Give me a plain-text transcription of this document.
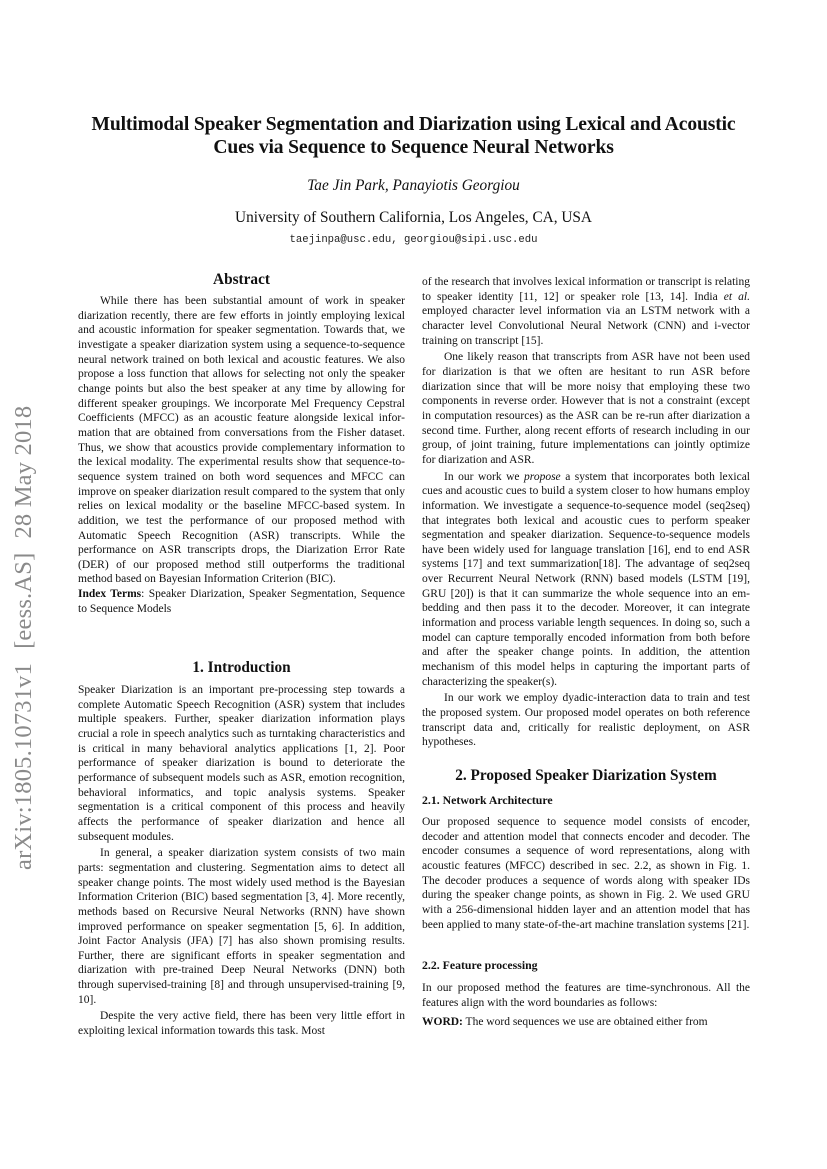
arXiv:1805.10731v1[eess.AS]28 May 2018
Multimodal Speaker Segmentation and Diarization using Lexical and Acoustic
Cues via Sequence to Sequence Neural Networks
Tae Jin Park, Panayiotis Georgiou
University of Southern California, Los Angeles, CA, USA
taejinpa@usc.edu, georgiou@sipi.usc.edu
Abstract

While there has been substantial amount of work in speaker diarization recently, there are few efforts in jointly employing lexical and acoustic information for speaker segmentation. Towards that, we investigate a speaker diarization system using a sequence-to-sequence neural network trained on both lexical and acoustic features. We also propose a loss function that allows for selecting not only the speaker change points but also the best speaker at any time by allowing for different speaker groupings. We incorporate Mel Frequency Cepstral Coefficients (MFCC) as an acoustic feature alongside lexical information that are obtained from conversations from the Fisher dataset. Thus, we show that acoustics provide complementary information to the lexical modality. The experimental results show that sequence-to-sequence system trained on both word sequences and MFCC can improve on speaker diarization result compared to the system that only relies on lexical modality or the baseline MFCC-based system. In addition, we test the performance of our proposed method with Automatic Speech Recognition (ASR) transcripts. While the performance on ASR transcripts drops, the Diarization Error Rate (DER) of our proposed method still outperforms the traditional method based on Bayesian Information Criterion (BIC).

Index Terms: Speaker Diarization, Speaker Segmentation, Sequence to Sequence Models

1. Introduction

Speaker Diarization is an important pre-processing step towards a complete Automatic Speech Recognition (ASR) system that includes multiple speakers. Further, speaker diarization information plays crucial a role in speech analytics such as turntaking characteristics and is critical in many behavioral analytics applications [1, 2]. Poor performance of speaker diarization is bound to deteriorate the performance of subsequent models such as ASR, emotion recognition, behavioral informatics, and topic analysis systems. Speaker segmentation is a critical component of this process and heavily affects the performance of speaker diarization and hence all subsequent modules.

In general, a speaker diarization system consists of two main parts: segmentation and clustering. Segmentation aims to detect all speaker change points. The most widely used method is the Bayesian Information Criterion (BIC) based segmentation [3, 4]. More recently, methods based on Recursive Neural Networks (RNN) have shown improved performance on speaker segmentation [5, 6]. In addition, Joint Factor Analysis (JFA) [7] has also shown promising results. Further, there are significant efforts in speaker segmentation and diarization with pre-trained Deep Neural Networks (DNN) both through supervised-training [8] and through unsupervised-training [9, 10].

Despite the very active field, there has been very little effort in exploiting lexical information towards this task. Most

of the research that involves lexical information or transcript is relating to speaker identity [11, 12] or speaker role [13, 14]. India et al. employed character level information via an LSTM network with a character level Convolutional Neural Network (CNN) and i-vector training on transcript [15].

One likely reason that transcripts from ASR have not been used for diarization is that we often are hesitant to run ASR before diarization since that will be more noisy that employing these two components in reverse order. However that is not a constraint (except in computation resources) as the ASR can be re-run after diarization a second time. Further, along recent efforts of research including in our group, of joint training, future implementations can jointly optimize for diarization and ASR.

In our work we propose a system that incorporates both lexical cues and acoustic cues to build a system closer to how humans employ information. We investigate a sequence-to-sequence model (seq2seq) that integrates both lexical and acoustic cues to perform speaker segmentation and speaker diarization. Sequence-to-sequence models have been widely used for language translation [16], end to end ASR systems [17] and text summarization[18]. The advantage of seq2seq over Recurrent Neural Network (RNN) based models (LSTM [19], GRU [20]) is that it can summarize the whole sequence into an embedding and then pass it to the decoder. Moreover, it can integrate information and process variable length sequences. In doing so, such a model can capture temporally encoded information from both before and after the speaker change points. In addition, the attention mechanism of this model helps in capturing the important parts of characterizing the speaker(s).

In our work we employ dyadic-interaction data to train and test the proposed system. Our proposed model operates on both reference transcript data and, critically for realistic deployment, on ASR hypotheses.

2. Proposed Speaker Diarization System
2.1. Network Architecture

Our proposed sequence to sequence model consists of encoder, decoder and attention model that connects encoder and decoder. The encoder consumes a sequence of word representations, along with acoustic features (MFCC) described in sec. 2.2, as shown in Fig. 1. The decoder produces a sequence of words along with speaker IDs during the speaker change points, as shown in Fig. 2. We used GRU with a 256-dimensional hidden layer and an attention model that has been applied to many state-of-the-art machine translation systems [21].

2.2. Feature processing

In our proposed method the features are time-synchronous. All the features align with the word boundaries as follows:

WORD: The word sequences we use are obtained either from
